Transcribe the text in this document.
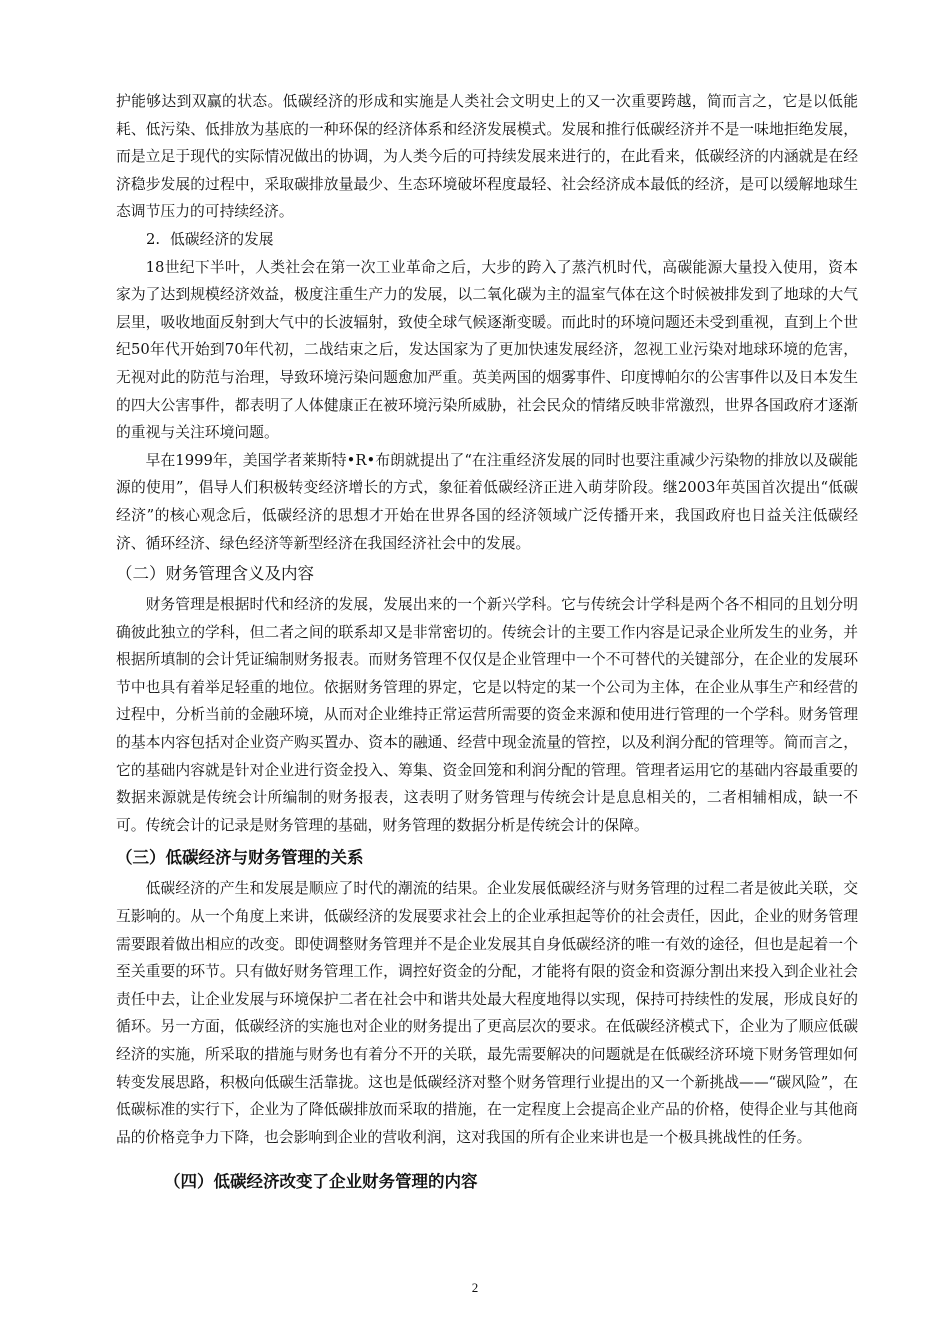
护能够达到双赢的状态。低碳经济的形成和实施是人类社会文明史上的又一次重要跨越，简而言之，它是以低能耗、低污染、低排放为基底的一种环保的经济体系和经济发展模式。发展和推行低碳经济并不是一味地拒绝发展，而是立足于现代的实际情况做出的协调，为人类今后的可持续发展来进行的，在此看来，低碳经济的内涵就是在经济稳步发展的过程中，采取碳排放量最少、生态环境破坏程度最轻、社会经济成本最低的经济，是可以缓解地球生态调节压力的可持续经济。

2. 低碳经济的发展

18世纪下半叶，人类社会在第一次工业革命之后，大步的跨入了蒸汽机时代，高碳能源大量投入使用，资本家为了达到规模经济效益，极度注重生产力的发展，以二氧化碳为主的温室气体在这个时候被排发到了地球的大气层里，吸收地面反射到大气中的长波辐射，致使全球气候逐渐变暖。而此时的环境问题还未受到重视，直到上个世纪50年代开始到70年代初，二战结束之后，发达国家为了更加快速发展经济，忽视工业污染对地球环境的危害，无视对此的防范与治理，导致环境污染问题愈加严重。英美两国的烟雾事件、印度博帕尔的公害事件以及日本发生的四大公害事件，都表明了人体健康正在被环境污染所威胁，社会民众的情绪反映非常激烈，世界各国政府才逐渐的重视与关注环境问题。

早在1999年，美国学者莱斯特•R•布朗就提出了“在注重经济发展的同时也要注重减少污染物的排放以及碳能源的使用”，倡导人们积极转变经济增长的方式，象征着低碳经济正进入萌芽阶段。继2003年英国首次提出“低碳经济”的核心观念后，低碳经济的思想才开始在世界各国的经济领域广泛传播开来，我国政府也日益关注低碳经济、循环经济、绿色经济等新型经济在我国经济社会中的发展。

（二）财务管理含义及内容

财务管理是根据时代和经济的发展，发展出来的一个新兴学科。它与传统会计学科是两个各不相同的且划分明确彼此独立的学科，但二者之间的联系却又是非常密切的。传统会计的主要工作内容是记录企业所发生的业务，并根据所填制的会计凭证编制财务报表。而财务管理不仅仅是企业管理中一个不可替代的关键部分，在企业的发展环节中也具有着举足轻重的地位。依据财务管理的界定，它是以特定的某一个公司为主体，在企业从事生产和经营的过程中，分析当前的金融环境，从而对企业维持正常运营所需要的资金来源和使用进行管理的一个学科。财务管理的基本内容包括对企业资产购买置办、资本的融通、经营中现金流量的管控，以及利润分配的管理等。简而言之，它的基础内容就是针对企业进行资金投入、筹集、资金回笼和利润分配的管理。管理者运用它的基础内容最重要的数据来源就是传统会计所编制的财务报表，这表明了财务管理与传统会计是息息相关的，二者相辅相成，缺一不可。传统会计的记录是财务管理的基础，财务管理的数据分析是传统会计的保障。

（三）低碳经济与财务管理的关系

低碳经济的产生和发展是顺应了时代的潮流的结果。企业发展低碳经济与财务管理的过程二者是彼此关联，交互影响的。从一个角度上来讲，低碳经济的发展要求社会上的企业承担起等价的社会责任，因此，企业的财务管理需要跟着做出相应的改变。即使调整财务管理并不是企业发展其自身低碳经济的唯一有效的途径，但也是起着一个至关重要的环节。只有做好财务管理工作，调控好资金的分配，才能将有限的资金和资源分割出来投入到企业社会责任中去，让企业发展与环境保护二者在社会中和谐共处最大程度地得以实现，保持可持续性的发展，形成良好的循环。另一方面，低碳经济的实施也对企业的财务提出了更高层次的要求。在低碳经济模式下，企业为了顺应低碳经济的实施，所采取的措施与财务也有着分不开的关联，最先需要解决的问题就是在低碳经济环境下财务管理如何转变发展思路，积极向低碳生活靠拢。这也是低碳经济对整个财务管理行业提出的又一个新挑战——“碳风险”，在低碳标准的实行下，企业为了降低碳排放而采取的措施，在一定程度上会提高企业产品的价格，使得企业与其他商品的价格竞争力下降，也会影响到企业的营收利润，这对我国的所有企业来讲也是一个极具挑战性的任务。

（四）低碳经济改变了企业财务管理的内容
2
